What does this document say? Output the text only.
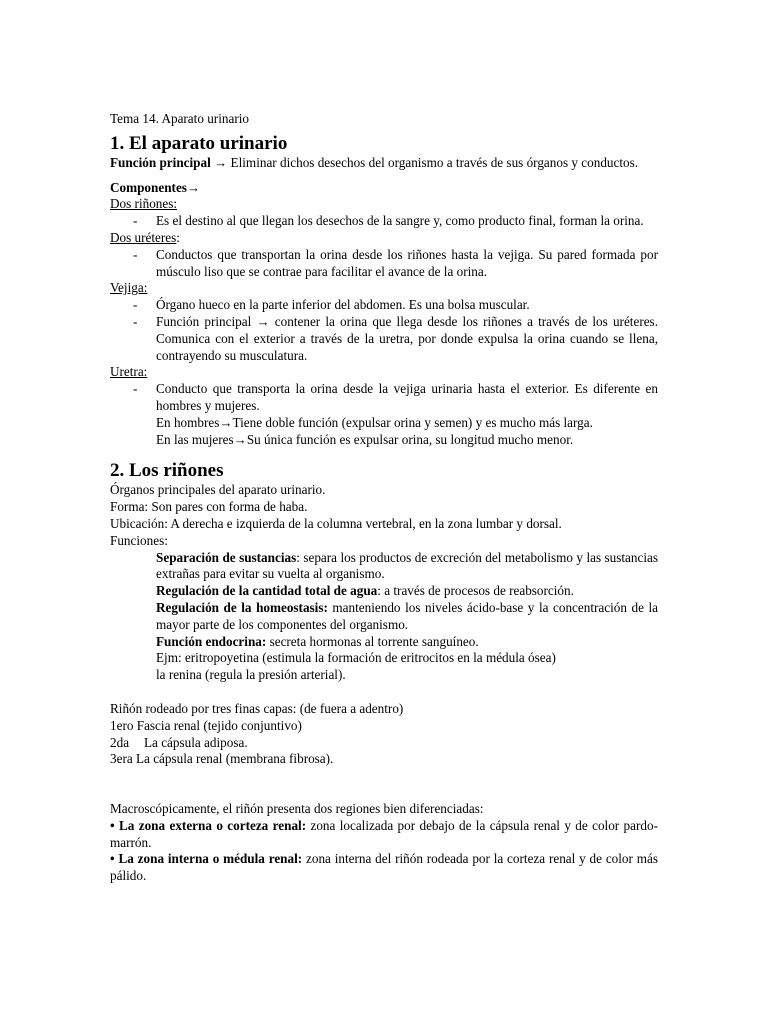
Tema 14. Aparato urinario

1. El aparato urinario

Función principal → Eliminar dichos desechos del organismo a través de sus órganos y conductos.

Componentes→

Dos riñones:

- Es el destino al que llegan los desechos de la sangre y, como producto final, forman la orina.

Dos uréteres:

- Conductos que transportan la orina desde los riñones hasta la vejiga. Su pared formada por músculo liso que se contrae para facilitar el avance de la orina.

Vejiga:

- Órgano hueco en la parte inferior del abdomen. Es una bolsa muscular.
- Función principal → contener la orina que llega desde los riñones a través de los uréteres. Comunica con el exterior a través de la uretra, por donde expulsa la orina cuando se llena, contrayendo su musculatura.

Uretra:

- Conducto que transporta la orina desde la vejiga urinaria hasta el exterior. Es diferente en hombres y mujeres.

En hombres→Tiene doble función (expulsar orina y semen) y es mucho más larga.

En las mujeres→Su única función es expulsar orina, su longitud mucho menor.

2. Los riñones

Órganos principales del aparato urinario.

Forma: Son pares con forma de haba.

Ubicación: A derecha e izquierda de la columna vertebral, en la zona lumbar y dorsal.

Funciones:

Separación de sustancias: separa los productos de excreción del metabolismo y las sustancias extrañas para evitar su vuelta al organismo.

Regulación de la cantidad total de agua: a través de procesos de reabsorción.

Regulación de la homeostasis: manteniendo los niveles ácido-base y la concentración de la mayor parte de los componentes del organismo.

Función endocrina: secreta hormonas al torrente sanguíneo.

Ejm: eritropoyetina (estimula la formación de eritrocitos en la médula ósea)

la renina (regula la presión arterial).

Riñón rodeado por tres finas capas: (de fuera a adentro)

1ero Fascia renal (tejido conjuntivo)

2da La cápsula adiposa.

3era La cápsula renal (membrana fibrosa).

Macroscópicamente, el riñón presenta dos regiones bien diferenciadas:

• La zona externa o corteza renal: zona localizada por debajo de la cápsula renal y de color pardo-marrón.

• La zona interna o médula renal: zona interna del riñón rodeada por la corteza renal y de color más pálido.
